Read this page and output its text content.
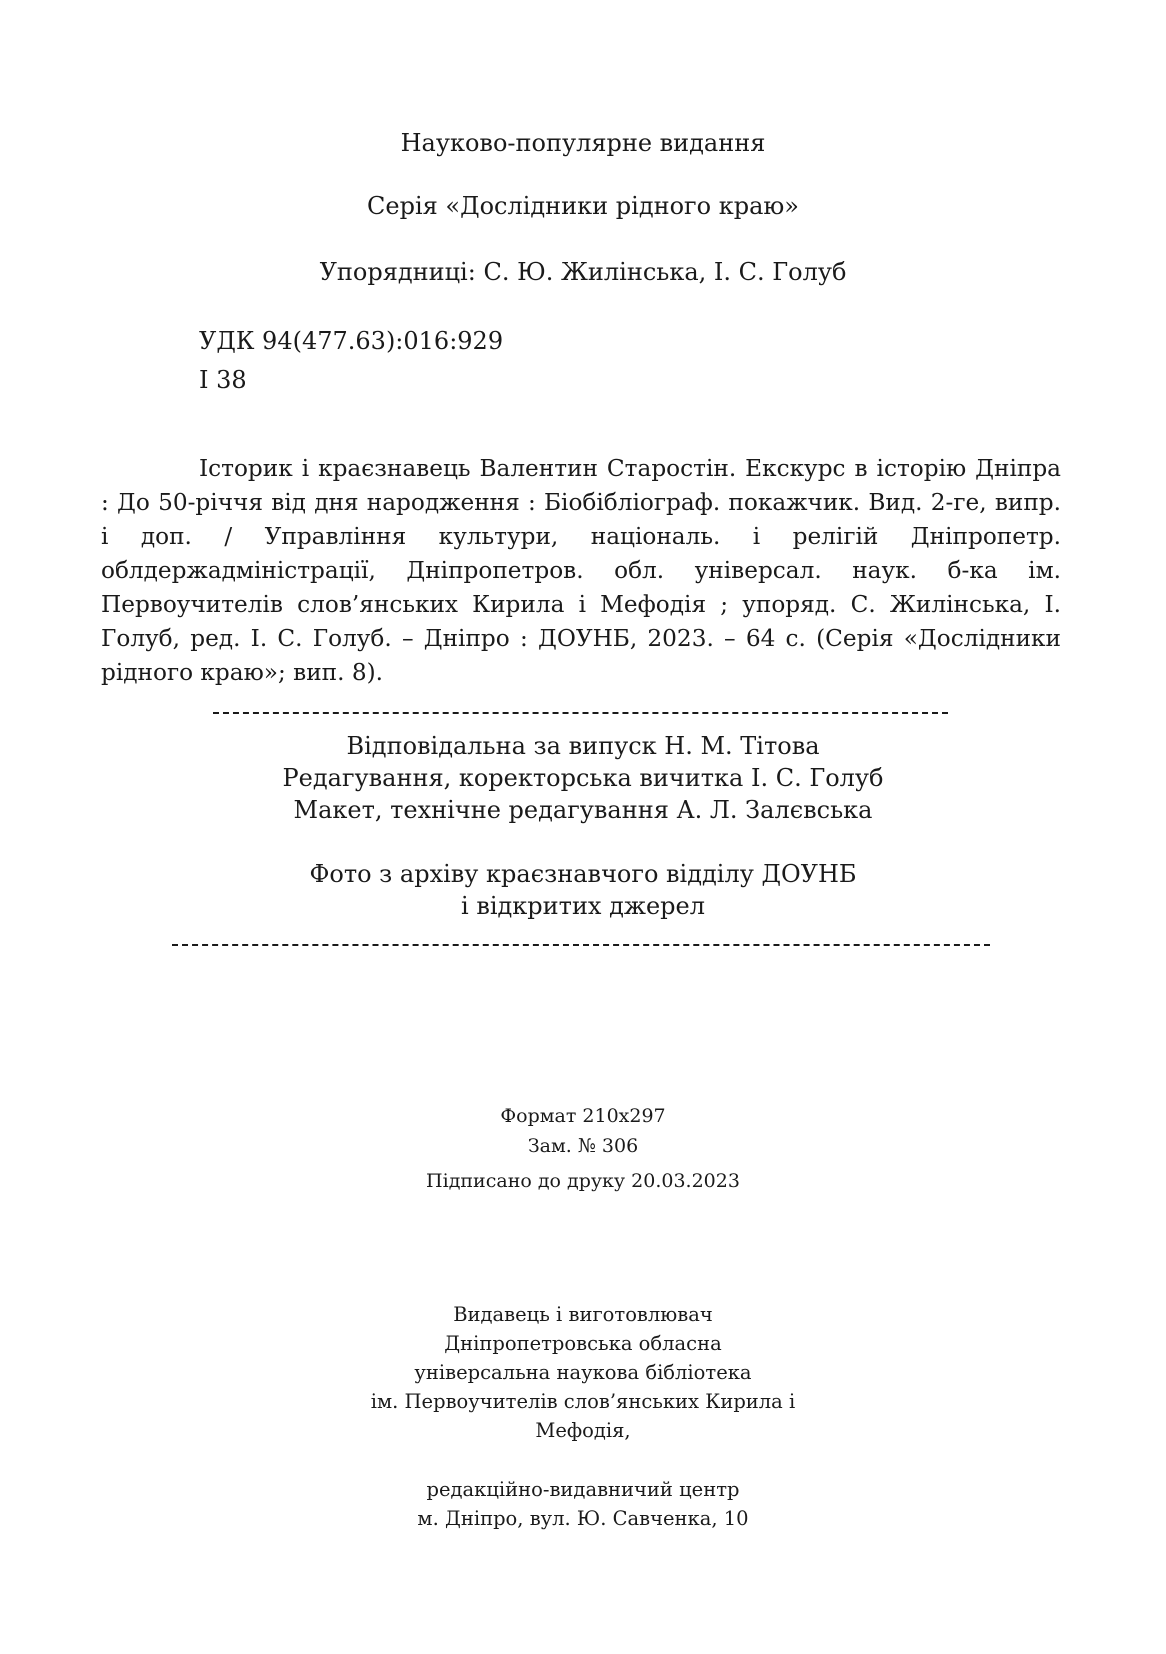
Науково-популярне видання
Серія «Дослідники рідного краю»
Упорядниці: С. Ю. Жилінська, І. С. Голуб
УДК 94(477.63):016:929
І 38
Історик і краєзнавець Валентин Старостін. Екскурс в історію Дніпра : До 50-річчя від дня народження : Біобібліограф. покажчик. Вид. 2-ге, випр. і доп. / Управління культури, національ. і релігій Дніпропетр. облдержадміністрації, Дніпропетров. обл. універсал. наук. б-ка ім. Первоучителів слов’янських Кирила і Мефодія ; упоряд. С. Жилінська, І. Голуб, ред. І. С. Голуб. – Дніпро : ДОУНБ, 2023. – 64 с. (Серія «Дослідники рідного краю»; вип. 8).
Відповідальна за випуск Н. М. Тітова
Редагування, коректорська вичитка І. С. Голуб
Макет, технічне редагування А. Л. Залєвська
Фото з архіву краєзнавчого відділу ДОУНБ
і відкритих джерел
Формат 210х297
Зам. № 306
Підписано до друку 20.03.2023
Видавець і виготовлювач
Дніпропетровська обласна
універсальна наукова бібліотека
ім. Первоучителів слов’янських Кирила і
Мефодія,
редакційно-видавничий центр
м. Дніпро, вул. Ю. Савченка, 10
